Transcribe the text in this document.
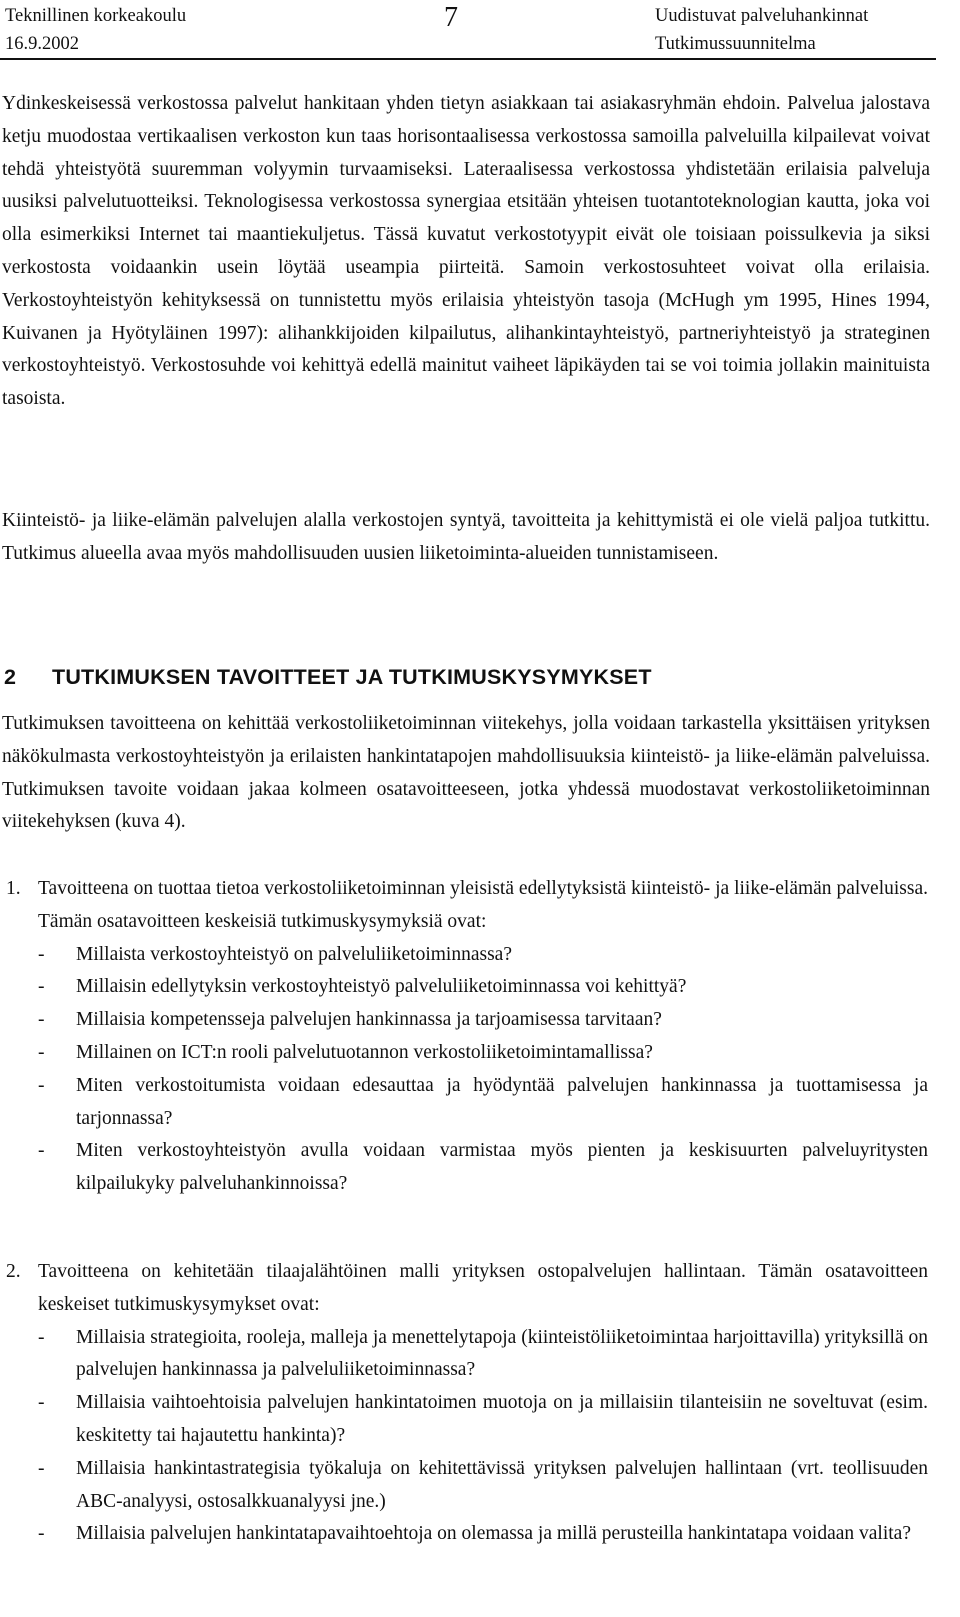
Teknillinen korkeakoulu
16.9.2002
7	Uudistuvat palveluhankinnat
Tutkimussuunnitelma

Ydinkeskeisessä verkostossa palvelut hankitaan yhden tietyn asiakkaan tai asiakasryhmän ehdoin. Palvelua jalostava ketju muodostaa vertikaalisen verkoston kun taas horisontaalisessa verkostossa samoilla palveluilla kilpailevat voivat tehdä yhteistyötä suuremman volyymin turvaamiseksi. Lateraalisessa verkostossa yhdistetään erilaisia palveluja uusiksi palvelutuotteiksi. Teknologisessa verkostossa synergiaa etsitään yhteisen tuotantoteknologian kautta, joka voi olla esimerkiksi Internet tai maantiekuljetus. Tässä kuvatut verkostotyypit eivät ole toisiaan poissulkevia ja siksi verkostosta voidaankin usein löytää useampia piirteitä. Samoin verkostosuhteet voivat olla erilaisia. Verkostoyhteistyön kehityksessä on tunnistettu myös erilaisia yhteistyön tasoja (McHugh ym 1995, Hines 1994, Kuivanen ja Hyötyläinen 1997): alihankkijoiden kilpailutus, alihankintayhteistyö, partneriyhteistyö ja strateginen verkostoyhteistyö. Verkostosuhde voi kehittyä edellä mainitut vaiheet läpikäyden tai se voi toimia jollakin mainituista tasoista.

Kiinteistö- ja liike-elämän palvelujen alalla verkostojen syntyä, tavoitteita ja kehittymistä ei ole vielä paljoa tutkittu. Tutkimus alueella avaa myös mahdollisuuden uusien liiketoiminta-alueiden tunnistamiseen.

2 TUTKIMUKSEN TAVOITTEET JA TUTKIMUSKYSYMYKSET

Tutkimuksen tavoitteena on kehittää verkostoliiketoiminnan viitekehys, jolla voidaan tarkastella yksittäisen yrityksen näkökulmasta verkostoyhteistyön ja erilaisten hankintatapojen mahdollisuuksia kiinteistö- ja liike-elämän palveluissa. Tutkimuksen tavoite voidaan jakaa kolmeen osatavoitteeseen, jotka yhdessä muodostavat verkostoliiketoiminnan viitekehyksen (kuva 4).

1. Tavoitteena on tuottaa tietoa verkostoliiketoiminnan yleisistä edellytyksistä kiinteistö- ja liike-elämän palveluissa. Tämän osatavoitteen keskeisiä tutkimuskysymyksiä ovat:

- Millaista verkostoyhteistyö on palveluliiketoiminnassa?
- Millaisin edellytyksin verkostoyhteistyö palveluliiketoiminnassa voi kehittyä?
- Millaisia kompetensseja palvelujen hankinnassa ja tarjoamisessa tarvitaan?
- Millainen on ICT:n rooli palvelutuotannon verkostoliiketoimintamallissa?
- Miten verkostoitumista voidaan edesauttaa ja hyödyntää palvelujen hankinnassa ja tuottamisessa ja tarjonnassa?
- Miten verkostoyhteistyön avulla voidaan varmistaa myös pienten ja keskisuurten palveluyritysten kilpailukyky palveluhankinnoissa?

2. Tavoitteena on kehitetään tilaajalähtöinen malli yrityksen ostopalvelujen hallintaan. Tämän osatavoitteen keskeiset tutkimuskysymykset ovat:

- Millaisia strategioita, rooleja, malleja ja menettelytapoja (kiinteistöliiketoimintaa harjoittavilla) yrityksillä on palvelujen hankinnassa ja palveluliiketoiminnassa?
- Millaisia vaihtoehtoisia palvelujen hankintatoimen muotoja on ja millaisiin tilanteisiin ne soveltuvat (esim. keskitetty tai hajautettu hankinta)?
- Millaisia hankintastrategisia työkaluja on kehitettävissä yrityksen palvelujen hallintaan (vrt. teollisuuden ABC-analyysi, ostosalkkuanalyysi jne.)
- Millaisia palvelujen hankintatapavaihtoehtoja on olemassa ja millä perusteilla hankintatapa voidaan valita?
